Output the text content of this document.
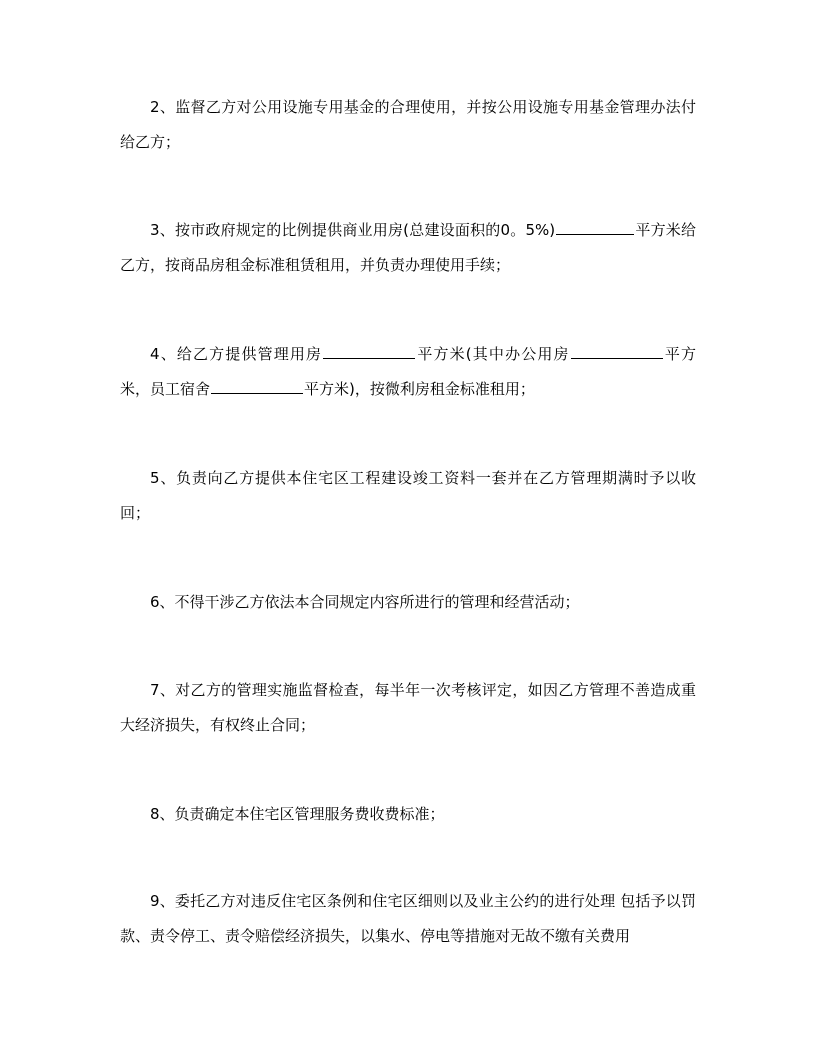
2、监督乙方对公用设施专用基金的合理使用，并按公用设施专用基金管理办法付给乙方；
3、按市政府规定的比例提供商业用房(总建设面积的0。5%)	平方米给乙方，按商品房租金标准租赁租用，并负责办理使用手续；
4、给乙方提供管理用房	平方米(其中办公用房	平方米，员工宿舍	平方米)，按微利房租金标准租用；
5、负责向乙方提供本住宅区工程建设竣工资料一套并在乙方管理期满时予以收回；
6、不得干涉乙方依法本合同规定内容所进行的管理和经营活动；
7、对乙方的管理实施监督检查，每半年一次考核评定，如因乙方管理不善造成重大经济损失，有权终止合同；
8、负责确定本住宅区管理服务费收费标准；
9、委托乙方对违反住宅区条例和住宅区细则以及业主公约的进行处理 包括予以罚款、责令停工、责令赔偿经济损失，以集水、停电等措施对无故不缴有关费用
